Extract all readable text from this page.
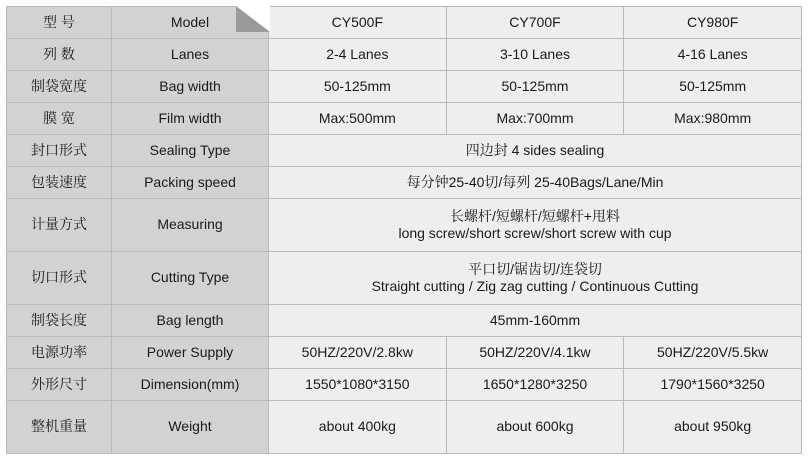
型 号	Model	CY500F	CY700F	CY980F
列 数	Lanes	2-4 Lanes	3-10 Lanes	4-16 Lanes
制袋宽度	Bag width	50-125mm	50-125mm	50-125mm
膜 宽	Film width	Max:500mm	Max:700mm	Max:980mm
封口形式	Sealing Type	四边封 4 sides sealing		
包装速度	Packing speed	每分钟25-40切/每列 25-40Bags/Lane/Min		
计量方式	Measuring	长螺杆/短螺杆/短螺杆+甩料
long screw/short screw/short screw with cup		

切口形式	Cutting Type	平口切/锯齿切/连袋切
Straight cutting / Zig zag cutting / Continuous Cutting		

制袋长度	Bag length	45mm-160mm		
电源功率	Power Supply	50HZ/220V/2.8kw	50HZ/220V/4.1kw	50HZ/220V/5.5kw
外形尺寸	Dimension(mm)	1550*1080*3150	1650*1280*3250	1790*1560*3250
整机重量	Weight	about 400kg	about 600kg	about 950kg
